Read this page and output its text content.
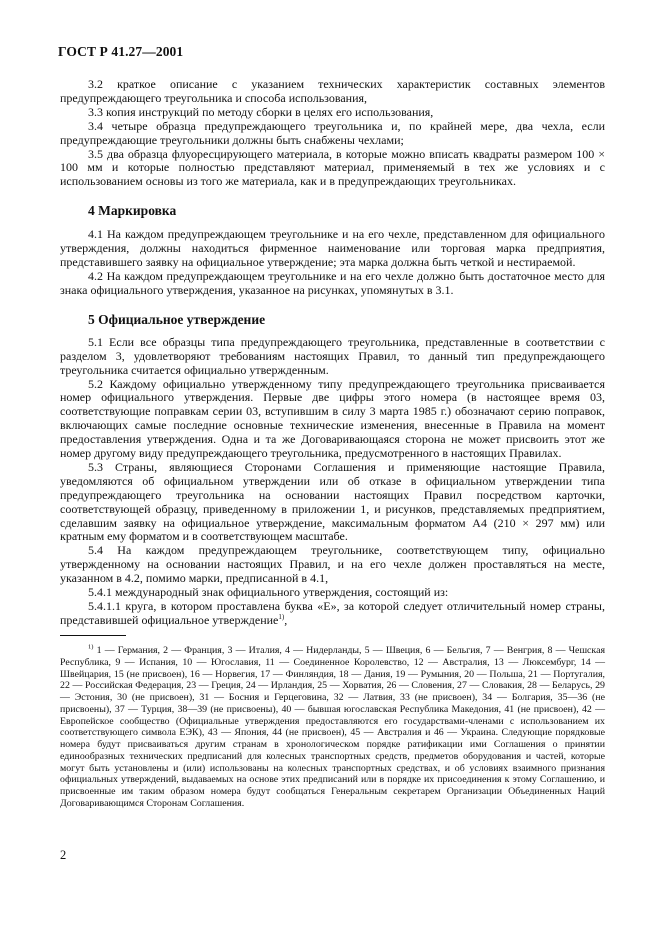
ГОСТ Р 41.27—2001

3.2 краткое описание с указанием технических характеристик составных элементов предупреждающего треугольника и способа использования,

3.3 копия инструкций по методу сборки в целях его использования,

3.4 четыре образца предупреждающего треугольника и, по крайней мере, два чехла, если предупреждающие треугольники должны быть снабжены чехлами;

3.5 два образца флуоресцирующего материала, в которые можно вписать квадраты размером 100 × 100 мм и которые полностью представляют материал, применяемый в тех же условиях и с использованием основы из того же материала, как и в предупреждающих треугольниках.

4 Маркировка

4.1 На каждом предупреждающем треугольнике и на его чехле, представленном для официального утверждения, должны находиться фирменное наименование или торговая марка предприятия, представившего заявку на официальное утверждение; эта марка должна быть четкой и нестираемой.

4.2 На каждом предупреждающем треугольнике и на его чехле должно быть достаточное место для знака официального утверждения, указанное на рисунках, упомянутых в 3.1.

5 Официальное утверждение

5.1 Если все образцы типа предупреждающего треугольника, представленные в соответствии с разделом 3, удовлетворяют требованиям настоящих Правил, то данный тип предупреждающего треугольника считается официально утвержденным.

5.2 Каждому официально утвержденному типу предупреждающего треугольника присваивается номер официального утверждения. Первые две цифры этого номера (в настоящее время 03, соответствующие поправкам серии 03, вступившим в силу 3 марта 1985 г.) обозначают серию поправок, включающих самые последние основные технические изменения, внесенные в Правила на момент предоставления утверждения. Одна и та же Договаривающаяся сторона не может присвоить этот же номер другому виду предупреждающего треугольника, предусмотренного в настоящих Правилах.

5.3 Страны, являющиеся Сторонами Соглашения и применяющие настоящие Правила, уведомляются об официальном утверждении или об отказе в официальном утверждении типа предупреждающего треугольника на основании настоящих Правил посредством карточки, соответствующей образцу, приведенному в приложении 1, и рисунков, представляемых предприятием, сделавшим заявку на официальное утверждение, максимальным форматом А4 (210 × 297 мм) или кратным ему форматом и в соответствующем масштабе.

5.4 На каждом предупреждающем треугольнике, соответствующем типу, официально утвержденному на основании настоящих Правил, и на его чехле должен проставляться на месте, указанном в 4.2, помимо марки, предписанной в 4.1,

5.4.1 международный знак официального утверждения, состоящий из:

5.4.1.1 круга, в котором проставлена буква «Е», за которой следует отличительный номер страны, представившей официальное утверждение$^{1)}$,

$^{1)}$ 1 — Германия, 2 — Франция, 3 — Италия, 4 — Нидерланды, 5 — Швеция, 6 — Бельгия, 7 — Венгрия, 8 — Чешская Республика, 9 — Испания, 10 — Югославия, 11 — Соединенное Королевство, 12 — Австралия, 13 — Люксембург, 14 — Швейцария, 15 (не присвоен), 16 — Норвегия, 17 — Финляндия, 18 — Дания, 19 — Румыния, 20 — Польша, 21 — Португалия, 22 — Российская Федерация, 23 — Греция, 24 — Ирландия, 25 — Хорватия, 26 — Словения, 27 — Словакия, 28 — Беларусь, 29 — Эстония, 30 (не присвоен), 31 — Босния и Герцеговина, 32 — Латвия, 33 (не присвоен), 34 — Болгария, 35—36 (не присвоены), 37 — Турция, 38—39 (не присвоены), 40 — бывшая югославская Республика Македония, 41 (не присвоен), 42 — Европейское сообщество (Официальные утверждения предоставляются его государствами-членами с использованием их соответствующего символа ЕЭК), 43 — Япония, 44 (не присвоен), 45 — Австралия и 46 — Украина. Следующие порядковые номера будут присваиваться другим странам в хронологическом порядке ратификации ими Соглашения о принятии единообразных технических предписаний для колесных транспортных средств, предметов оборудования и частей, которые могут быть установлены и (или) использованы на колесных транспортных средствах, и об условиях взаимного признания официальных утверждений, выдаваемых на основе этих предписаний или в порядке их присоединения к этому Соглашению, и присвоенные им таким образом номера будут сообщаться Генеральным секретарем Организации Объединенных Наций Договаривающимся Сторонам Соглашения.
2
